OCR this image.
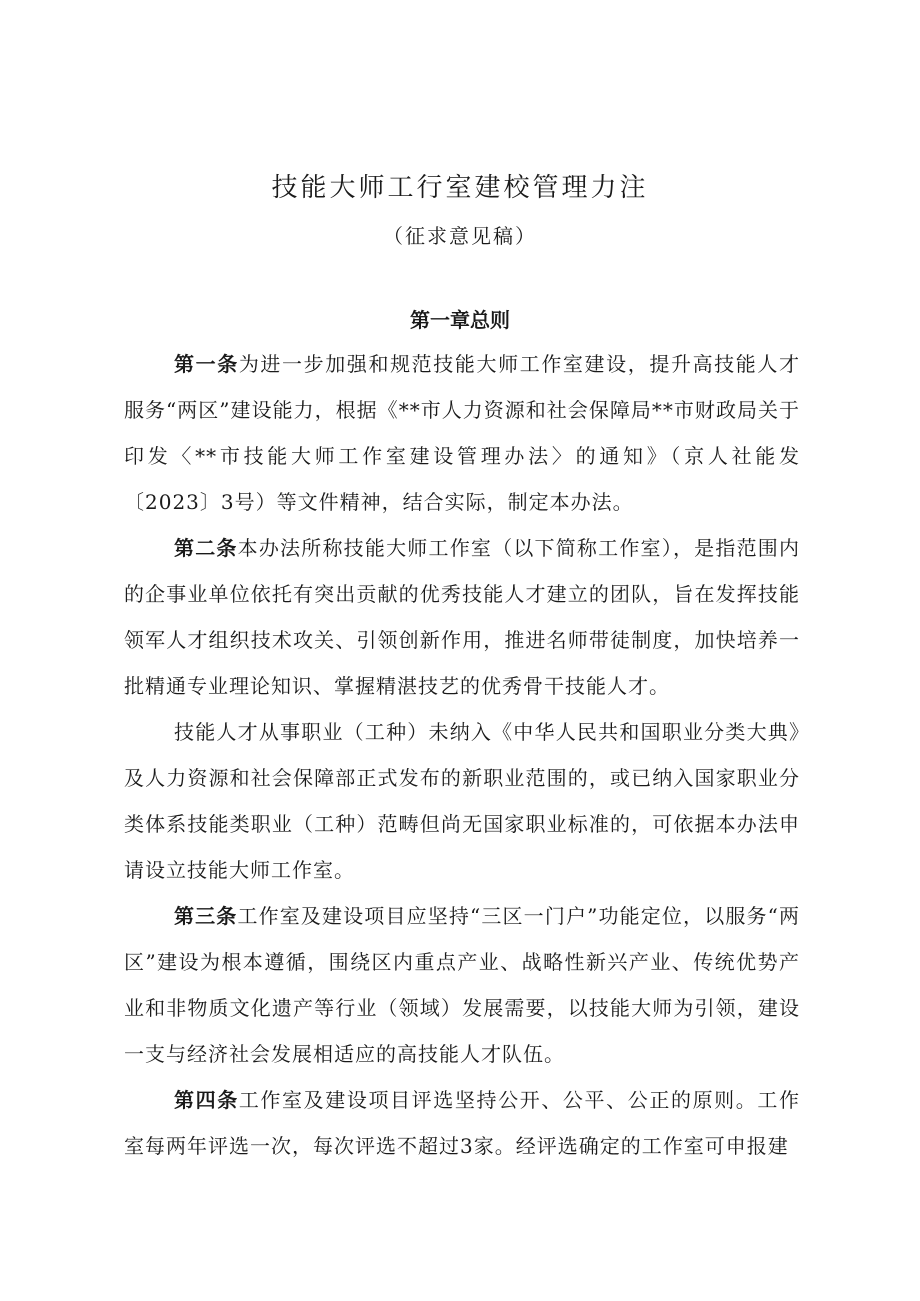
技能大师工行室建校管理力注
（征求意见稿）
第一章总则

第一条为进一步加强和规范技能大师工作室建设，提升高技能人才服务“两区”建设能力，根据《**市人力资源和社会保障局**市财政局关于印发〈**市技能大师工作室建设管理办法〉的通知》（京人社能发〔2023〕3号）等文件精神，结合实际，制定本办法。

第二条本办法所称技能大师工作室（以下简称工作室），是指范围内的企事业单位依托有突出贡献的优秀技能人才建立的团队，旨在发挥技能领军人才组织技术攻关、引领创新作用，推进名师带徒制度，加快培养一批精通专业理论知识、掌握精湛技艺的优秀骨干技能人才。

技能人才从事职业（工种）未纳入《中华人民共和国职业分类大典》及人力资源和社会保障部正式发布的新职业范围的，或已纳入国家职业分类体系技能类职业（工种）范畴但尚无国家职业标准的，可依据本办法申请设立技能大师工作室。

第三条工作室及建设项目应坚持“三区一门户”功能定位，以服务“两区”建设为根本遵循，围绕区内重点产业、战略性新兴产业、传统优势产业和非物质文化遗产等行业（领域）发展需要，以技能大师为引领，建设一支与经济社会发展相适应的高技能人才队伍。

第四条工作室及建设项目评选坚持公开、公平、公正的原则。工作室每两年评选一次，每次评选不超过3家。经评选确定的工作室可申报建
